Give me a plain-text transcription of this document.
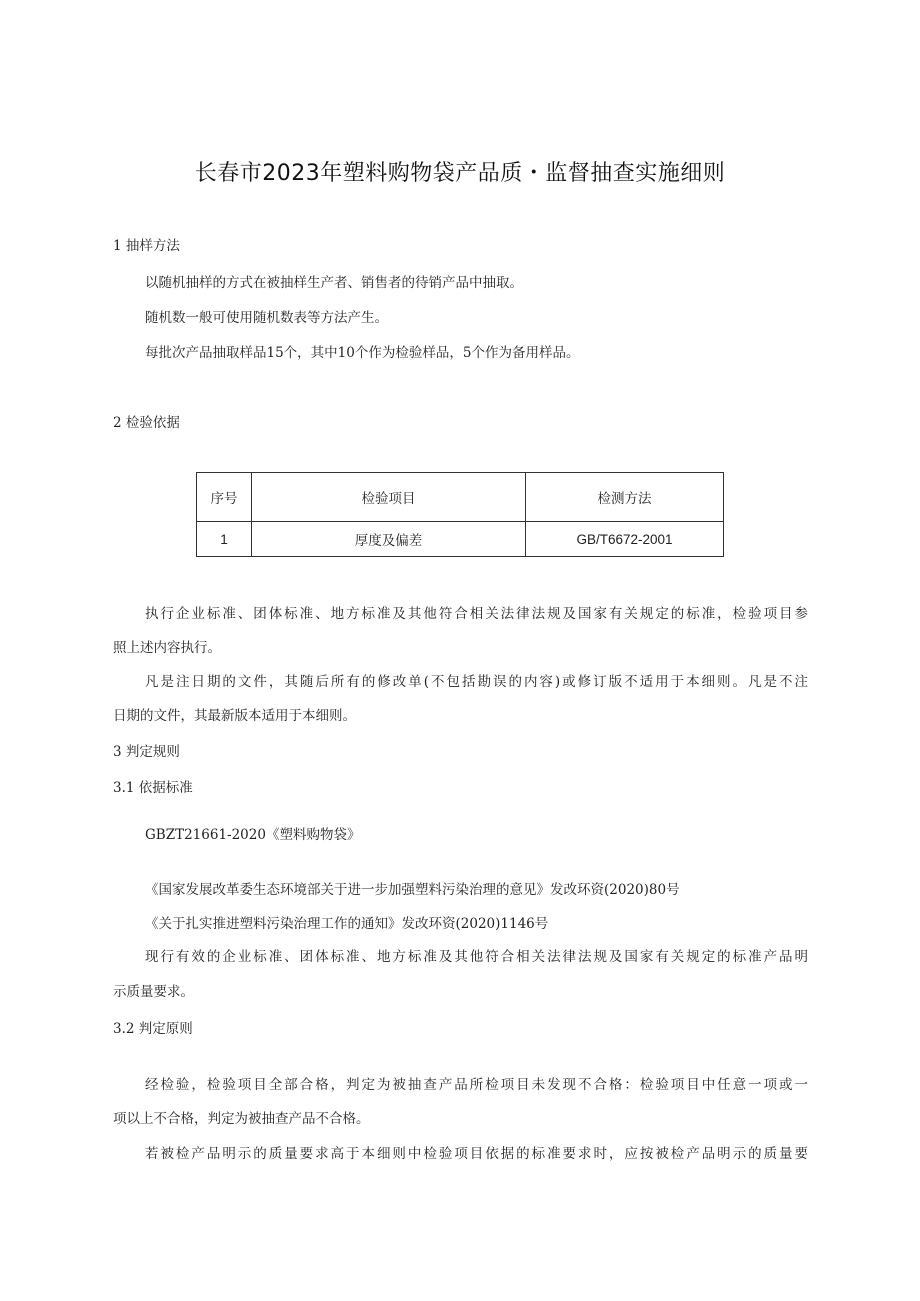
长春市2023年塑料购物袋产品质・监督抽查实施细则
1 抽样方法
以随机抽样的方式在被抽样生产者、销售者的待销产品中抽取。
随机数一般可使用随机数表等方法产生。
每批次产品抽取样品15个，其中10个作为检验样品，5个作为备用样品。
2 检验依据
序号	检验项目	检测方法
1	厚度及偏差	GB/T6672-2001
执行企业标准、团体标准、地方标准及其他符合相关法律法规及国家有关规定的标准，检验项目参
照上述内容执行。
凡是注日期的文件，其随后所有的修改单(不包括勘误的内容)或修订版不适用于本细则。凡是不注
日期的文件，其最新版本适用于本细则。
3 判定规则
3.1 依据标准
GBZT21661-2020《塑料购物袋》
《国家发展改革委生态环境部关于进一步加强塑料污染治理的意见》发改环资(2020)80号
《关于扎实推进塑料污染治理工作的通知》发改环资(2020)1146号
现行有效的企业标准、团体标准、地方标准及其他符合相关法律法规及国家有关规定的标准产品明
示质量要求。
3.2 判定原则
经检验，检验项目全部合格，判定为被抽查产品所检项目未发现不合格：检验项目中任意一项或一
项以上不合格，判定为被抽查产品不合格。
若被检产品明示的质量要求高于本细则中检验项目依据的标准要求时，应按被检产品明示的质量要
